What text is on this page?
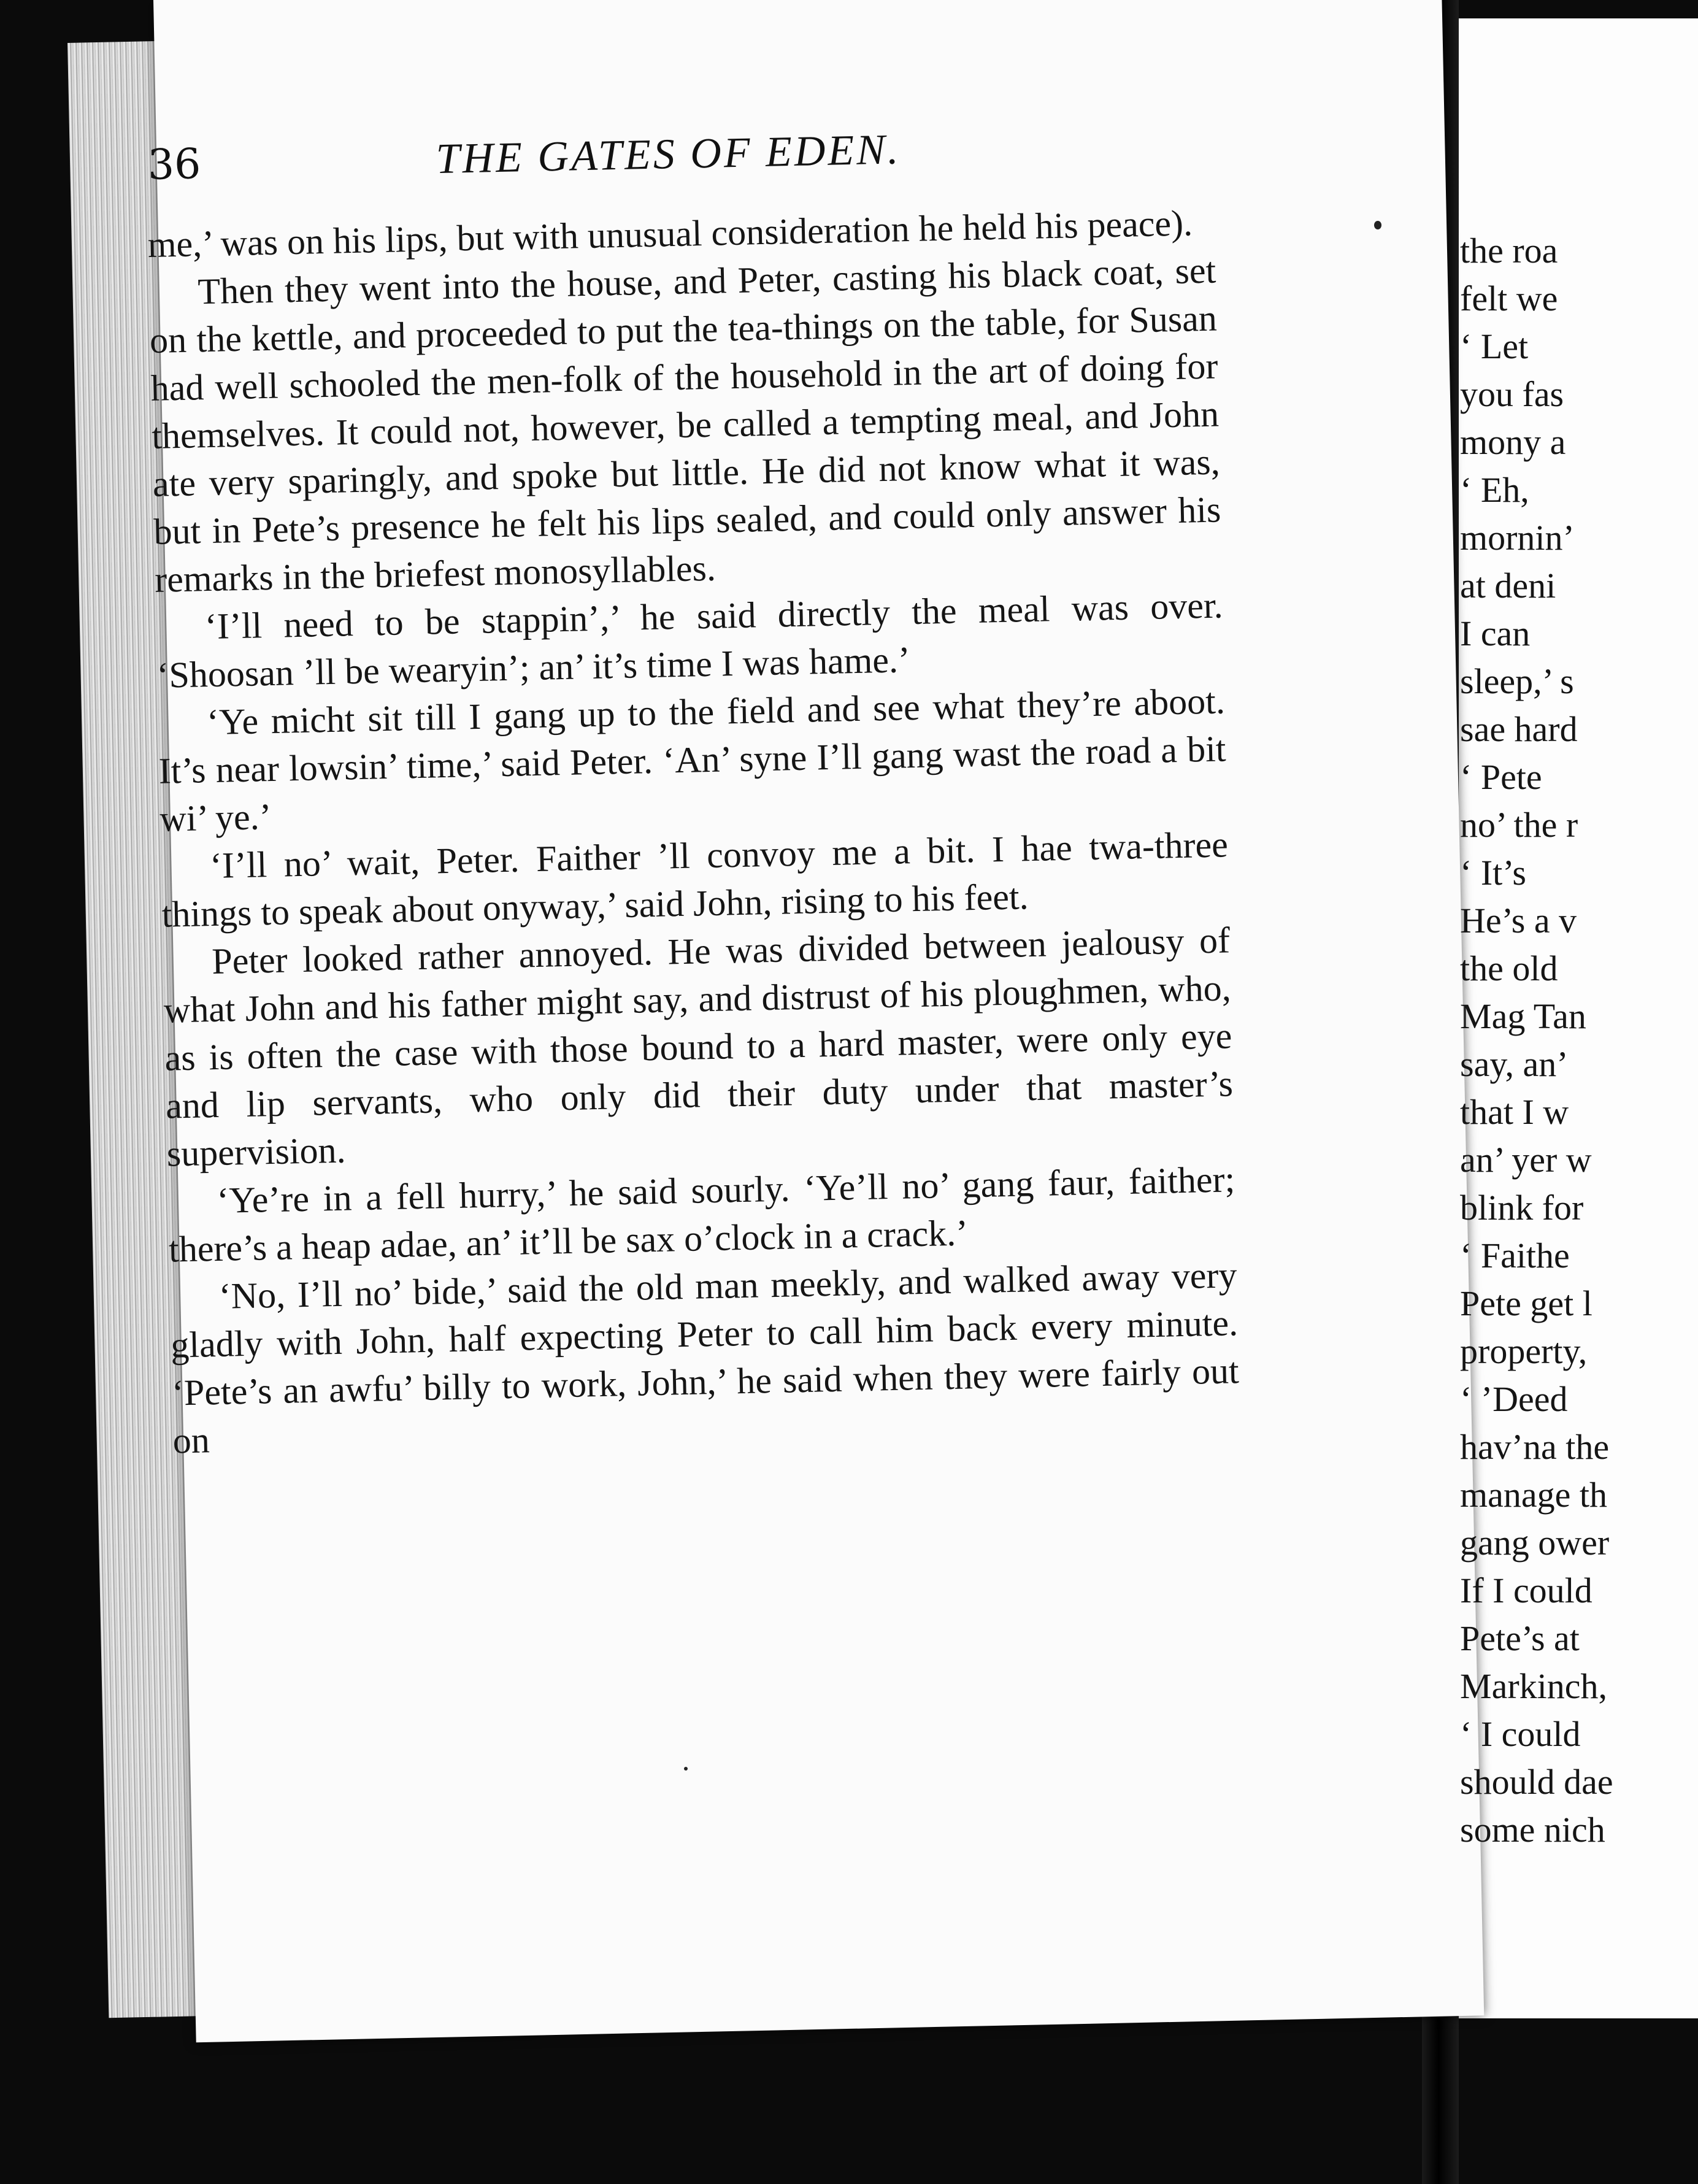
36	THE GATES OF EDEN.

me,’ was on his lips, but with unusual consideration he held his peace).

Then they went into the house, and Peter, casting his black coat, set on the kettle, and proceeded to put the tea-things on the table, for Susan had well schooled the men-folk of the household in the art of doing for themselves. It could not, however, be called a tempting meal, and John ate very sparingly, and spoke but little. He did not know what it was, but in Pete’s presence he felt his lips sealed, and could only answer his remarks in the briefest monosyllables.

‘I’ll need to be stappin’,’ he said directly the meal was over. ‘Shoosan ’ll be wearyin’; an’ it’s time I was hame.’

‘Ye micht sit till I gang up to the field and see what they’re aboot. It’s near lowsin’ time,’ said Peter. ‘An’ syne I’ll gang wast the road a bit wi’ ye.’

‘I’ll no’ wait, Peter. Faither ’ll convoy me a bit. I hae twa-three things to speak about onyway,’ said John, rising to his feet.

Peter looked rather annoyed. He was divided between jealousy of what John and his father might say, and distrust of his ploughmen, who, as is often the case with those bound to a hard master, were only eye and lip servants, who only did their duty under that master’s supervision.

‘Ye’re in a fell hurry,’ he said sourly. ‘Ye’ll no’ gang faur, faither; there’s a heap adae, an’ it’ll be sax o’clock in a crack.’

‘No, I’ll no’ bide,’ said the old man meekly, and walked away very gladly with John, half expecting Peter to call him back every minute. ‘Pete’s an awfu’ billy to work, John,’ he said when they were fairly out on

the roa
felt we
‘ Let
you fas
mony a
‘ Eh,
mornin’
at deni
I can
sleep,’ s
sae hard
‘ Pete
no’ the r
‘ It’s
He’s a v
the old
Mag Tan
say, an’
that I w
an’ yer w
blink for
‘ Faithe
Pete get l
property,
‘ ’Deed
hav’na the
manage th
gang ower
If I could
Pete’s at
Markinch,
‘ I could
should dae
some nich
